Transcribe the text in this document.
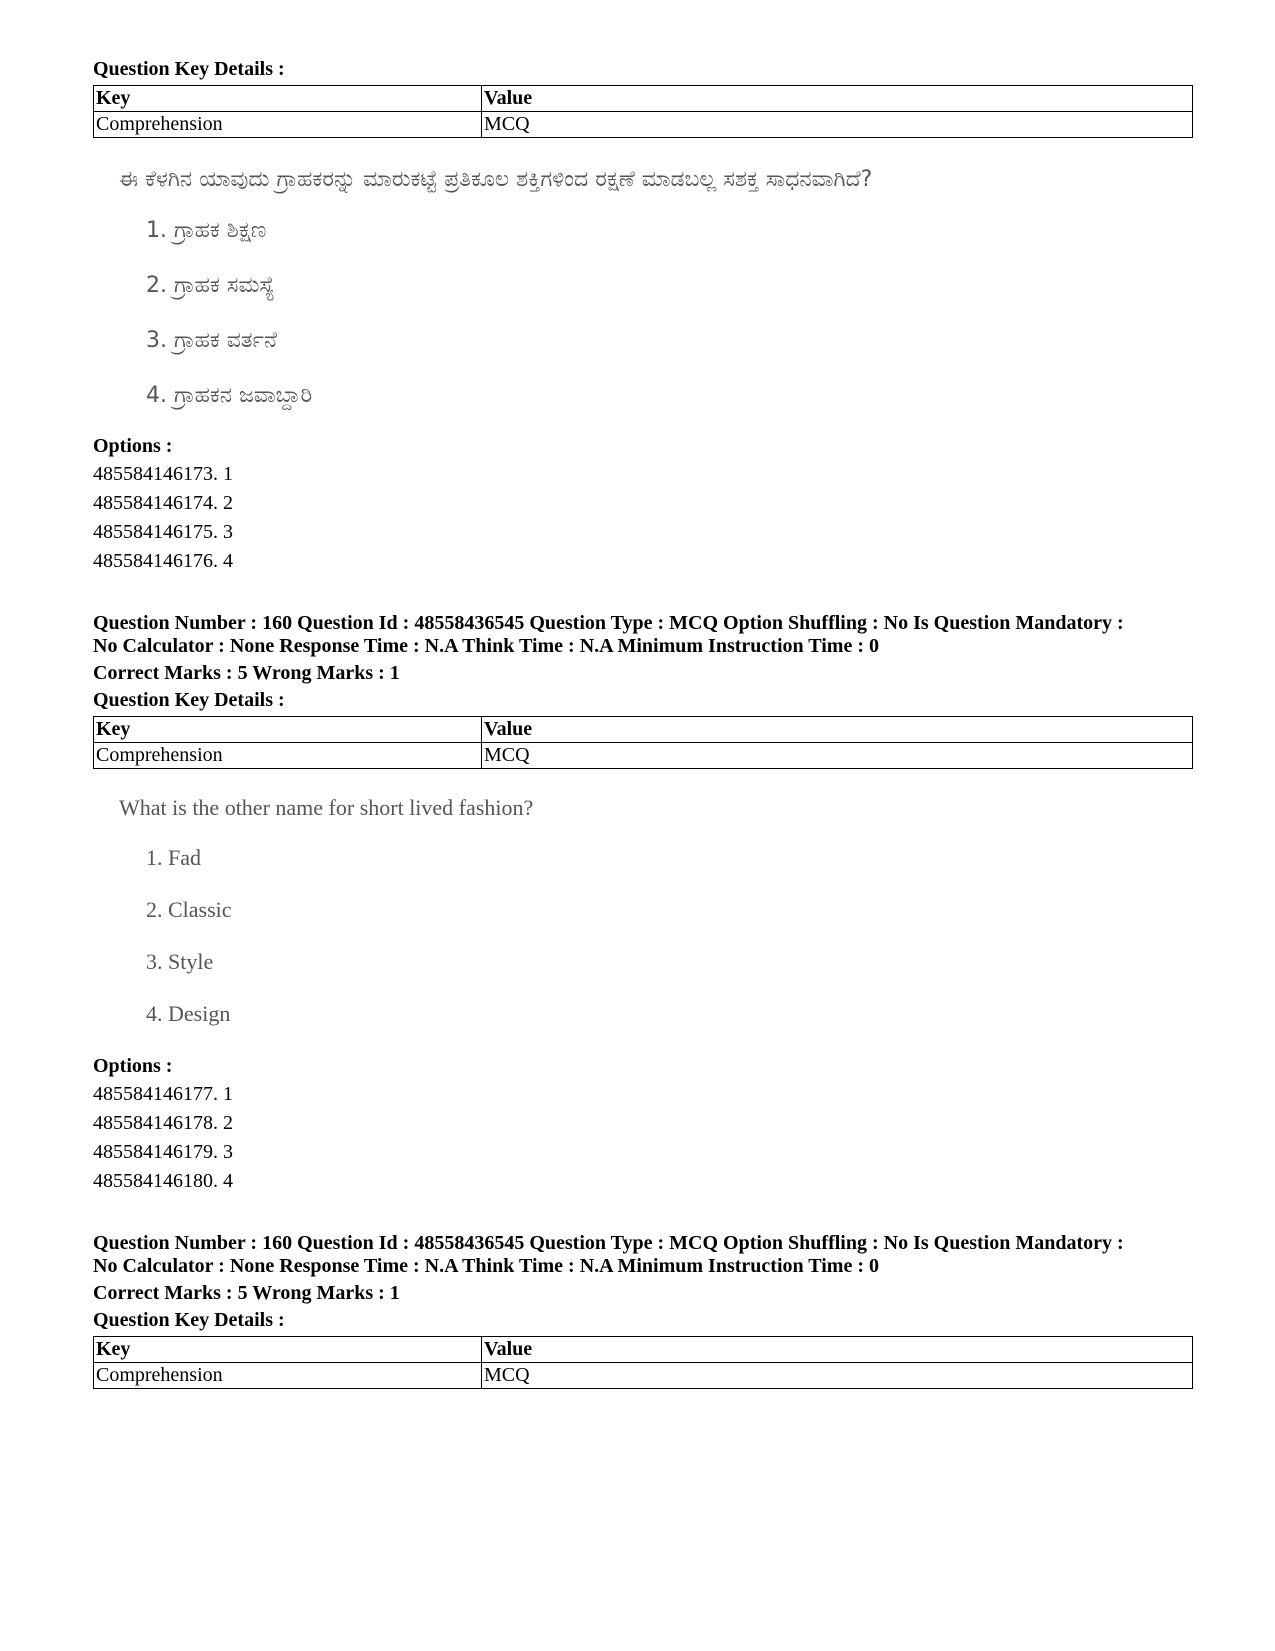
Question Key Details :
Key	Value
Comprehension	MCQ
ಈ ಕೆಳಗಿನ ಯಾವುದು ಗ್ರಾಹಕರನ್ನು ಮಾರುಕಟ್ಟೆ ಪ್ರತಿಕೂಲ ಶಕ್ತಿಗಳಿಂದ ರಕ್ಷಣೆ ಮಾಡಬಲ್ಲ ಸಶಕ್ತ ಸಾಧನವಾಗಿದೆ?
1. ಗ್ರಾಹಕ ಶಿಕ್ಷಣ
2. ಗ್ರಾಹಕ ಸಮಸ್ಯೆ
3. ಗ್ರಾಹಕ ವರ್ತನೆ
4. ಗ್ರಾಹಕನ ಜವಾಬ್ದಾರಿ
Options :
485584146173. 1
485584146174. 2
485584146175. 3
485584146176. 4
Question Number : 160 Question Id : 48558436545 Question Type : MCQ Option Shuffling : No Is Question Mandatory :
No Calculator : None Response Time : N.A Think Time : N.A Minimum Instruction Time : 0
Correct Marks : 5 Wrong Marks : 1
Question Key Details :
Key	Value
Comprehension	MCQ
What is the other name for short lived fashion?
1. Fad
2. Classic
3. Style
4. Design
Options :
485584146177. 1
485584146178. 2
485584146179. 3
485584146180. 4
Question Number : 160 Question Id : 48558436545 Question Type : MCQ Option Shuffling : No Is Question Mandatory :
No Calculator : None Response Time : N.A Think Time : N.A Minimum Instruction Time : 0
Correct Marks : 5 Wrong Marks : 1
Question Key Details :
Key	Value
Comprehension	MCQ
